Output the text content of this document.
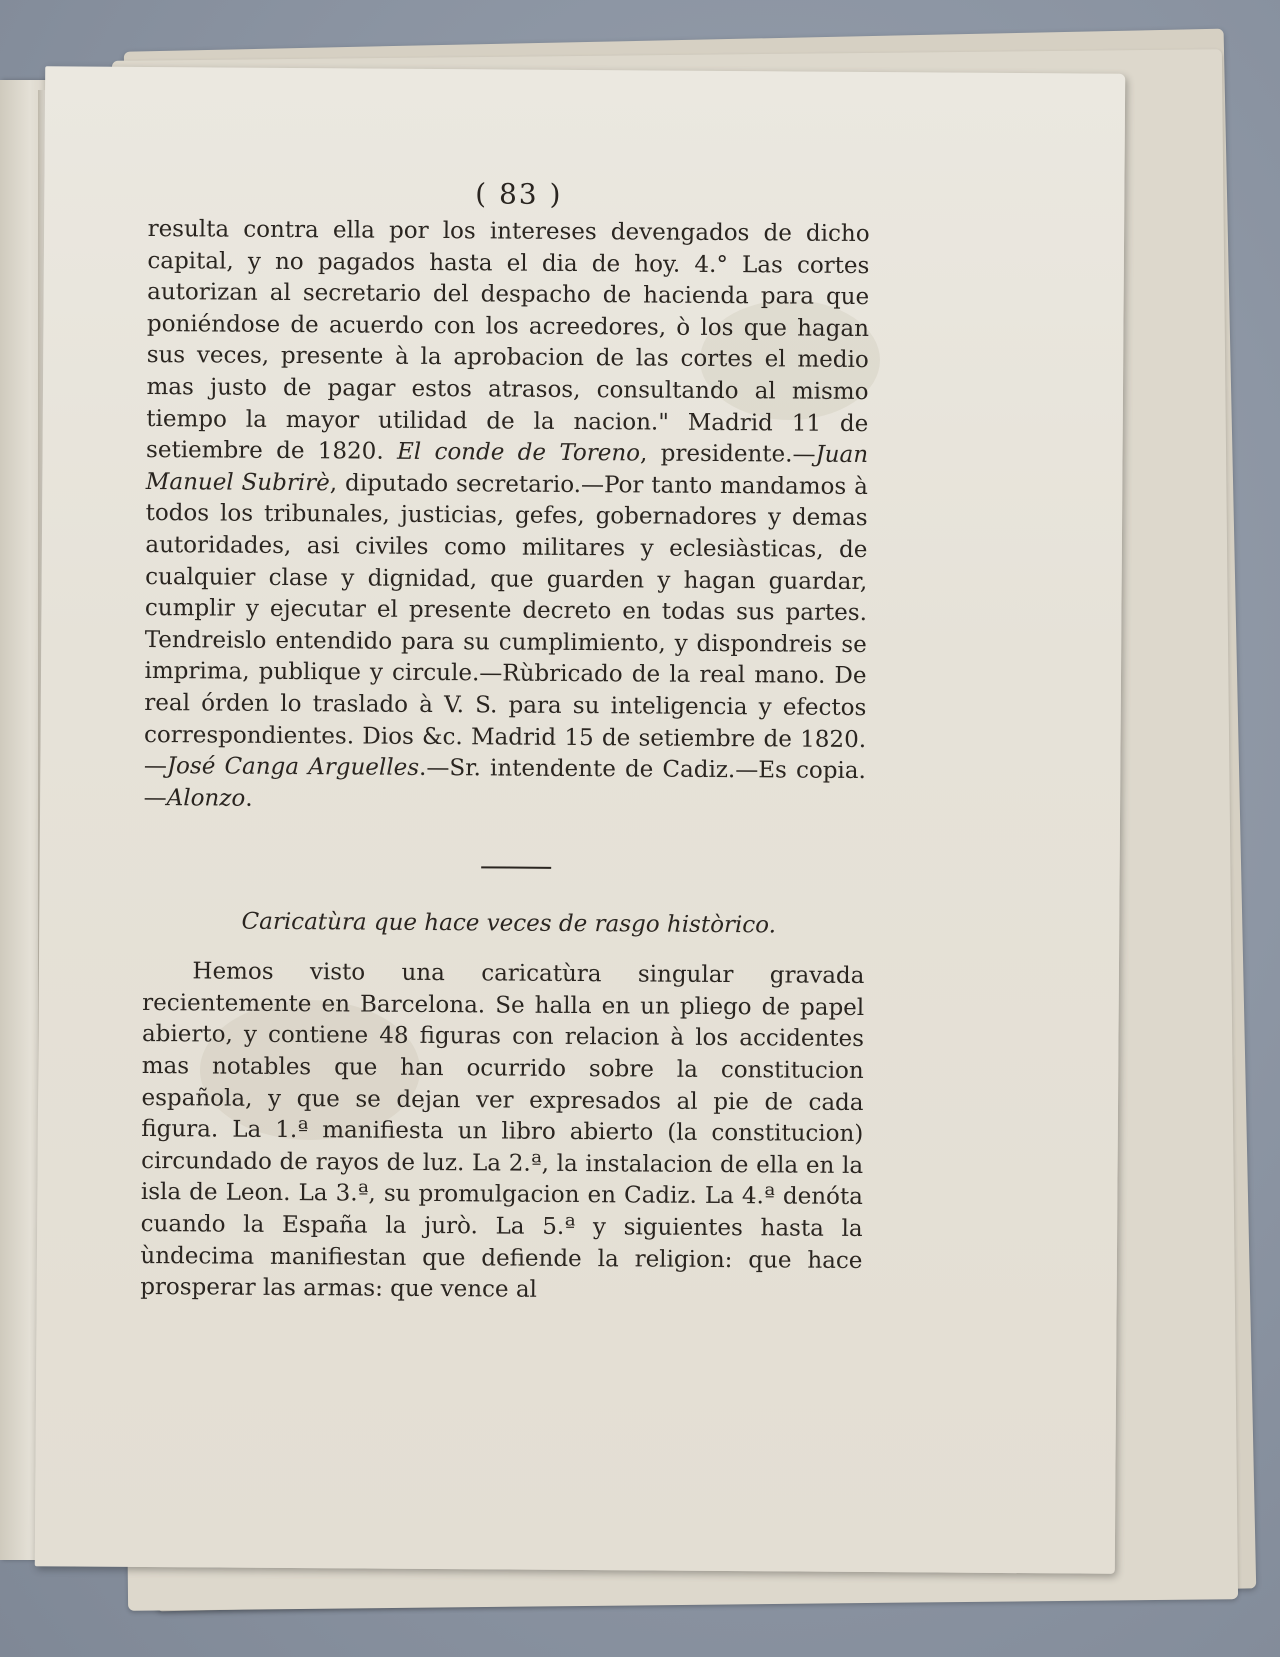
( 83 )

resulta contra ella por los intereses devengados de dicho capital, y no pagados hasta el dia de hoy. 4.° Las cortes autorizan al secretario del despacho de hacienda para que poniéndose de acuerdo con los acreedores, ò los que hagan sus veces, presente à la aprobacion de las cortes el medio mas justo de pagar estos atrasos, consultando al mismo tiempo la mayor utilidad de la nacion." Madrid 11 de setiembre de 1820. El conde de Toreno, presidente.—Juan Manuel Subrirè, diputado secretario.—Por tanto mandamos à todos los tribunales, justicias, gefes, gobernadores y demas autoridades, asi civiles como militares y eclesiàsticas, de cualquier clase y dignidad, que guarden y hagan guardar, cumplir y ejecutar el presente decreto en todas sus partes. Tendreislo entendido para su cumplimiento, y dispondreis se imprima, publique y circule.—Rùbricado de la real mano. De real órden lo traslado à V. S. para su inteligencia y efectos correspondientes. Dios &c. Madrid 15 de setiembre de 1820.—José Canga Arguelles.—Sr. intendente de Cadiz.—Es copia.—Alonzo.

Caricatùra que hace veces de rasgo històrico.

Hemos visto una caricatùra singular gravada recientemente en Barcelona. Se halla en un pliego de papel abierto, y contiene 48 figuras con relacion à los accidentes mas notables que han ocurrido sobre la constitucion española, y que se dejan ver expresados al pie de cada figura. La 1.ª manifiesta un libro abierto (la constitucion) circundado de rayos de luz. La 2.ª, la instalacion de ella en la isla de Leon. La 3.ª, su promulgacion en Cadiz. La 4.ª denóta cuando la España la jurò. La 5.ª y siguientes hasta la ùndecima manifiestan que defiende la religion: que hace prosperar las armas: que vence al
